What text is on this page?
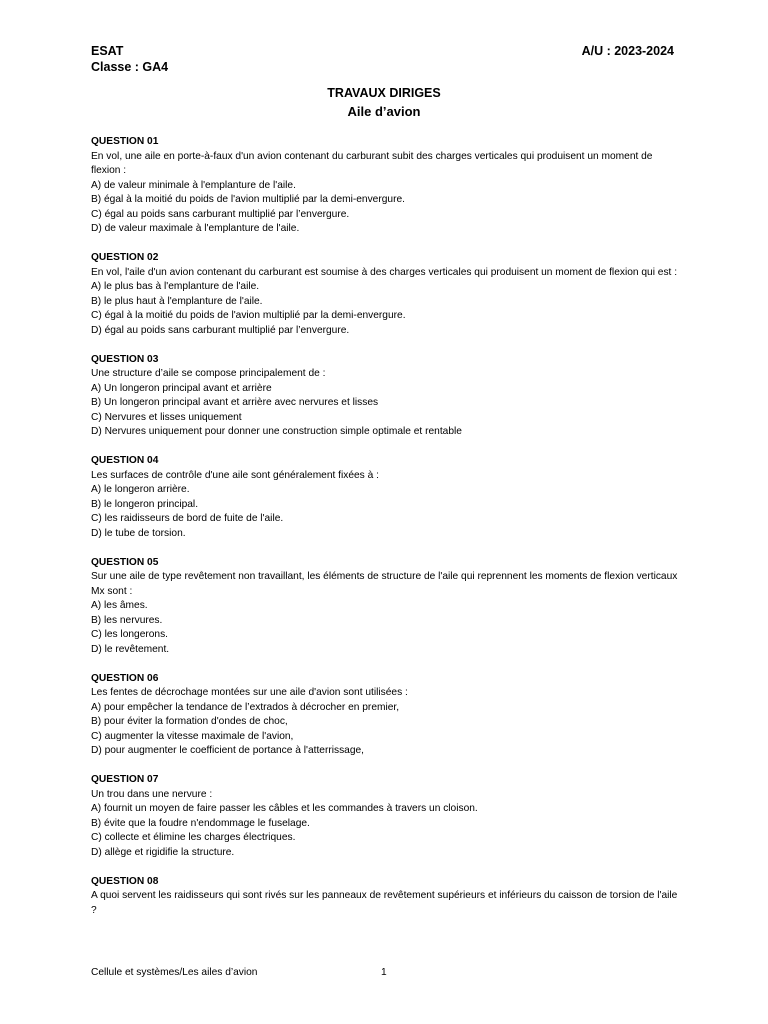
ESAT
Classe : GA4
A/U : 2023-2024
TRAVAUX DIRIGES
Aile d’avion
QUESTION 01
En vol, une aile en porte-à-faux d'un avion contenant du carburant subit des charges verticales qui produisent un moment de flexion :
A) de valeur minimale à l'emplanture de l'aile.
B) égal à la moitié du poids de l'avion multiplié par la demi-envergure.
C) égal au poids sans carburant multiplié par l’envergure.
D) de valeur maximale à l'emplanture de l'aile.
QUESTION 02
En vol, l'aile d'un avion contenant du carburant est soumise à des charges verticales qui produisent un moment de flexion qui est :
A) le plus bas à l'emplanture de l'aile.
B) le plus haut à l'emplanture de l'aile.
C) égal à la moitié du poids de l'avion multiplié par la demi-envergure.
D) égal au poids sans carburant multiplié par l’envergure.
QUESTION 03
Une structure d’aile se compose principalement de :
A) Un longeron principal avant et arrière
B) Un longeron principal avant et arrière avec nervures et lisses
C) Nervures et lisses uniquement
D) Nervures uniquement pour donner une construction simple optimale et rentable
QUESTION 04
Les surfaces de contrôle d'une aile sont généralement fixées à :
A) le longeron arrière.
B) le longeron principal.
C) les raidisseurs de bord de fuite de l'aile.
D) le tube de torsion.
QUESTION 05
Sur une aile de type revêtement non travaillant, les éléments de structure de l'aile qui reprennent les moments de flexion verticaux Mx sont :
A) les âmes.
B) les nervures.
C) les longerons.
D) le revêtement.
QUESTION 06
Les fentes de décrochage montées sur une aile d'avion sont utilisées :
A) pour empêcher la tendance de l’extrados à décrocher en premier,
B) pour éviter la formation d'ondes de choc,
C) augmenter la vitesse maximale de l'avion,
D) pour augmenter le coefficient de portance à l'atterrissage,
QUESTION 07
Un trou dans une nervure :
A) fournit un moyen de faire passer les câbles et les commandes à travers un cloison.
B) évite que la foudre n'endommage le fuselage.
C) collecte et élimine les charges électriques.
D) allège et rigidifie la structure.
QUESTION 08
A quoi servent les raidisseurs qui sont rivés sur les panneaux de revêtement supérieurs et inférieurs du caisson de torsion de l'aile ?
Cellule et systèmes/Les ailes d’avion	1
